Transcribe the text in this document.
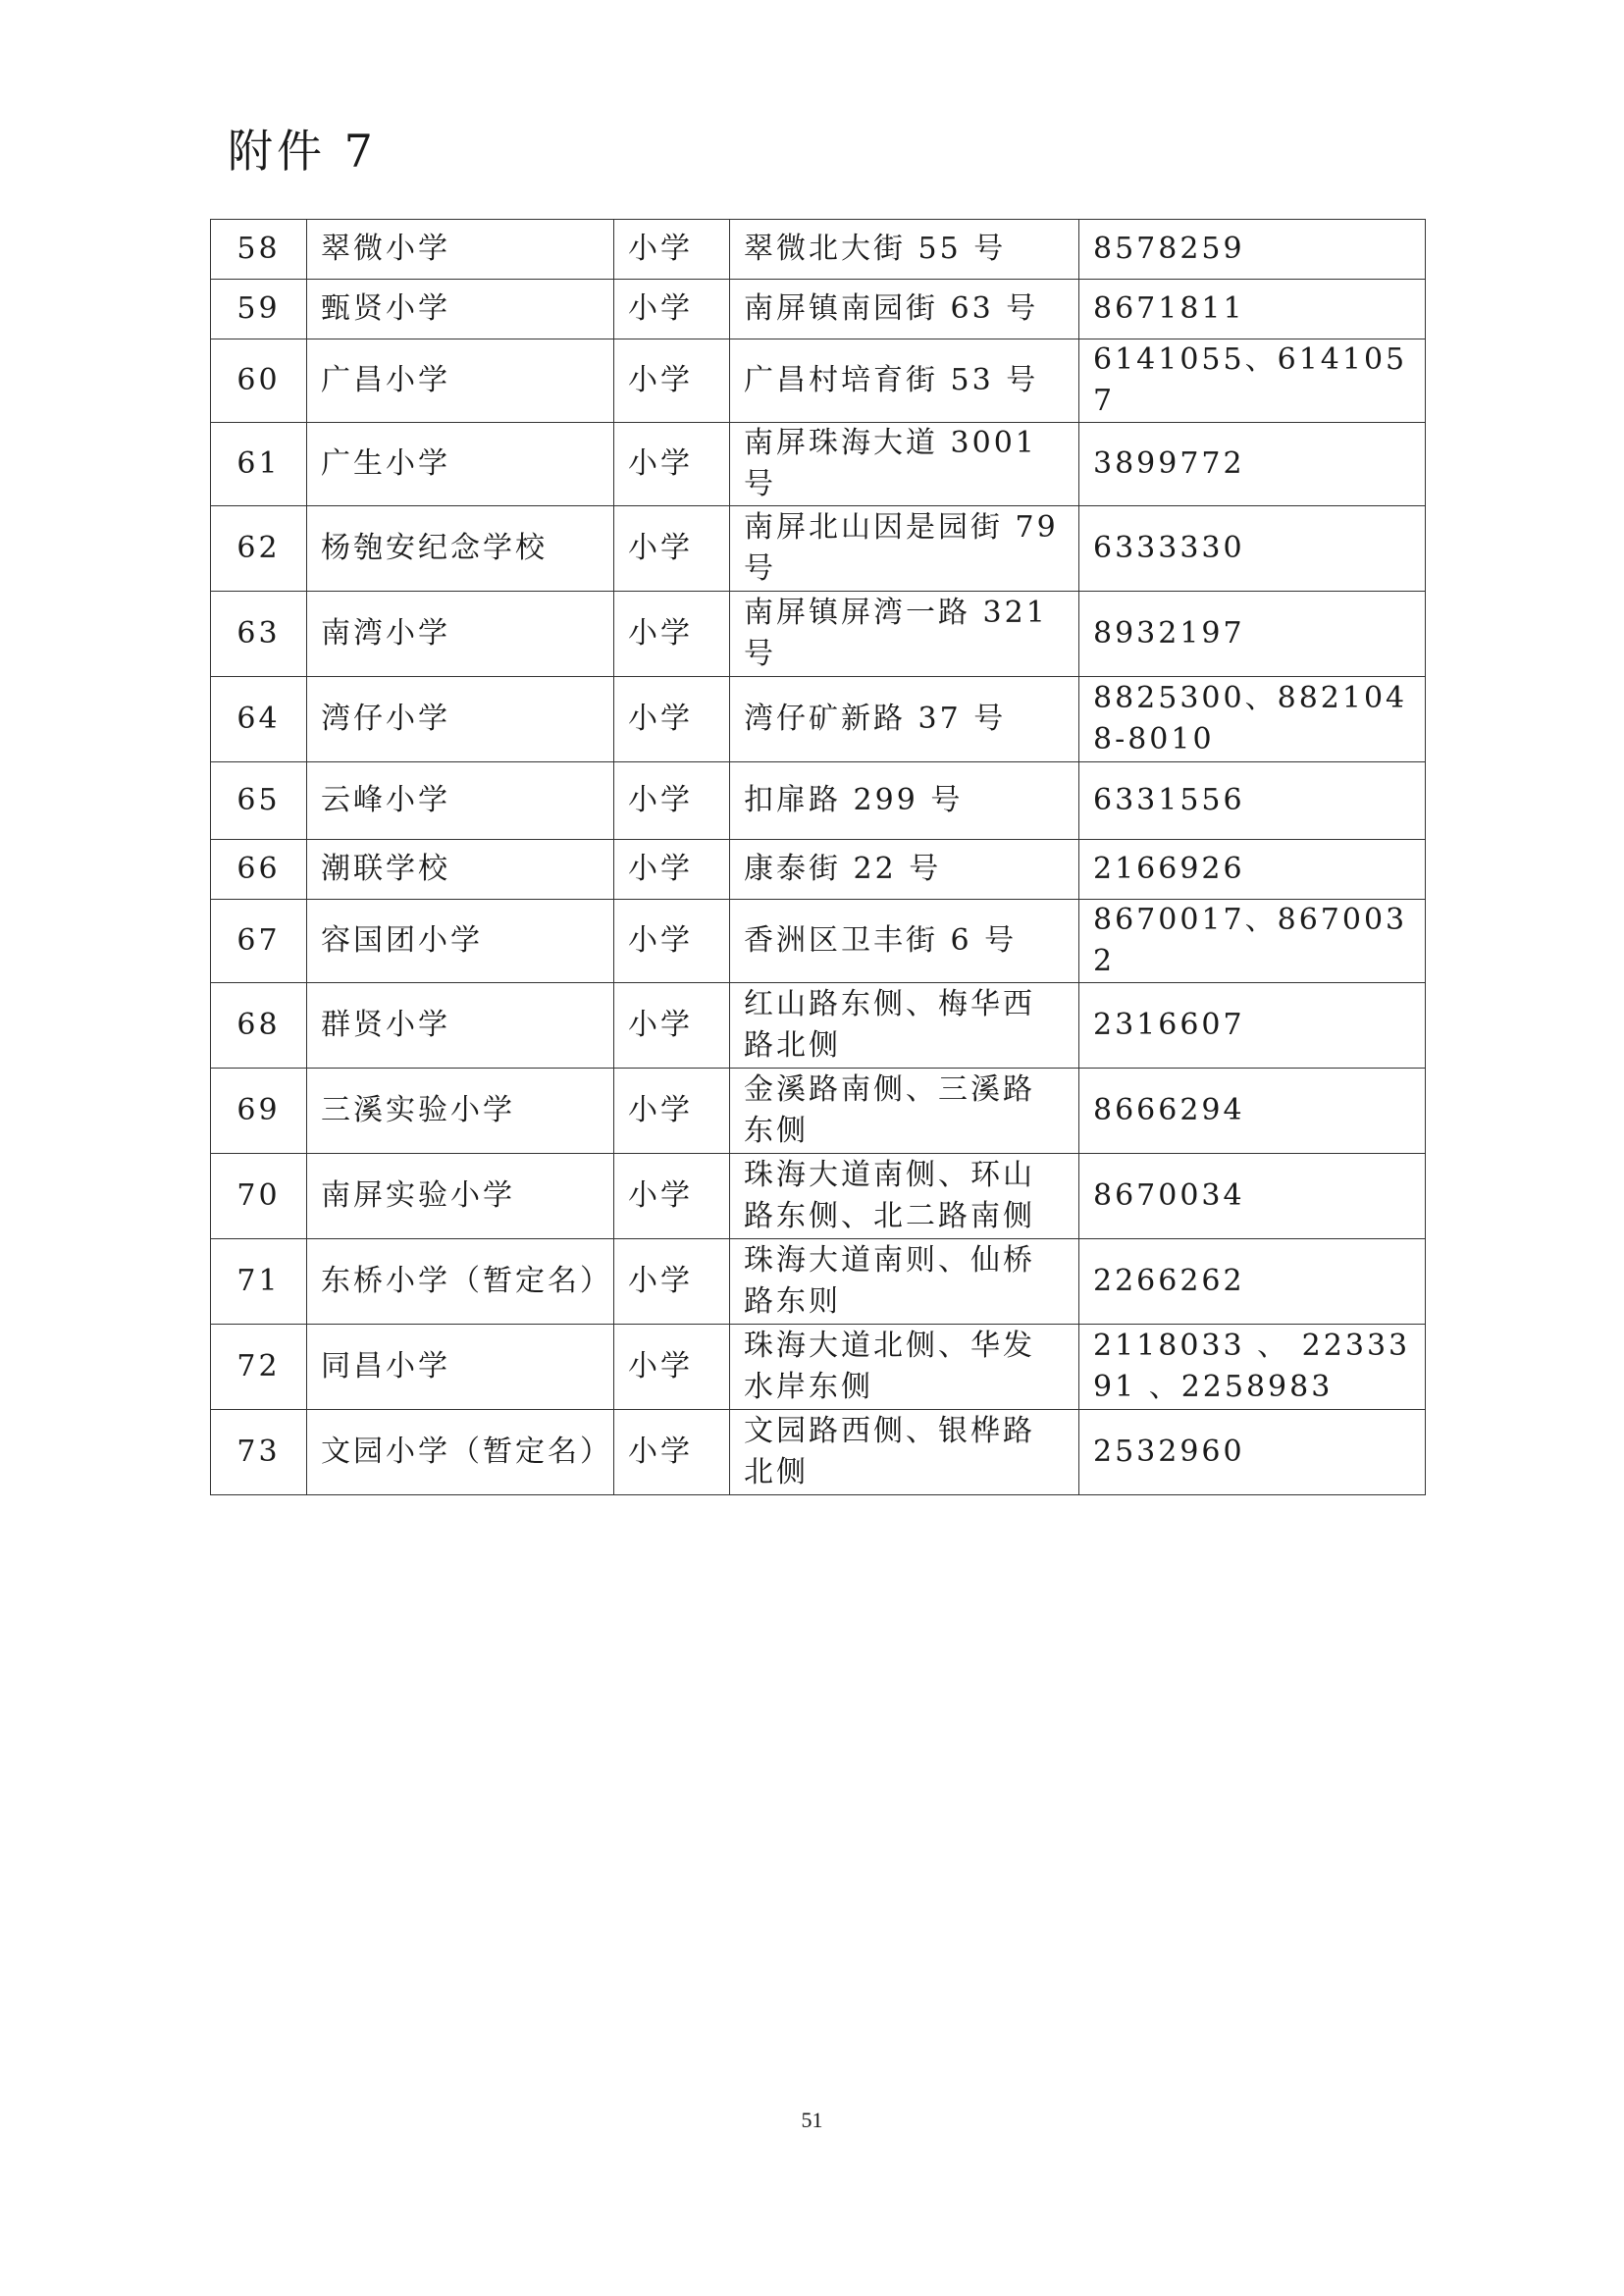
附件 7
58	翠微小学	小学	翠微北大街 55 号	8578259
59	甄贤小学	小学	南屏镇南园街 63 号	8671811
60	广昌小学	小学	广昌村培育街 53 号	6141055、6141057
61	广生小学	小学	南屏珠海大道 3001 号	3899772
62	杨匏安纪念学校	小学	南屏北山因是园街 79 号	6333330
63	南湾小学	小学	南屏镇屏湾一路 321 号	8932197
64	湾仔小学	小学	湾仔矿新路 37 号	8825300、8821048-8010
65	云峰小学	小学	扣扉路 299 号	6331556
66	潮联学校	小学	康泰街 22 号	2166926
67	容国团小学	小学	香洲区卫丰街 6 号	8670017、8670032
68	群贤小学	小学	红山路东侧、梅华西路北侧	2316607
69	三溪实验小学	小学	金溪路南侧、三溪路东侧	8666294
70	南屏实验小学	小学	珠海大道南侧、环山路东侧、北二路南侧	8670034
71	东桥小学（暂定名）	小学	珠海大道南则、仙桥路东则	2266262
72	同昌小学	小学	珠海大道北侧、华发水岸东侧	2118033 、 2233391 、2258983
73	文园小学（暂定名）	小学	文园路西侧、银桦路北侧	2532960
51
